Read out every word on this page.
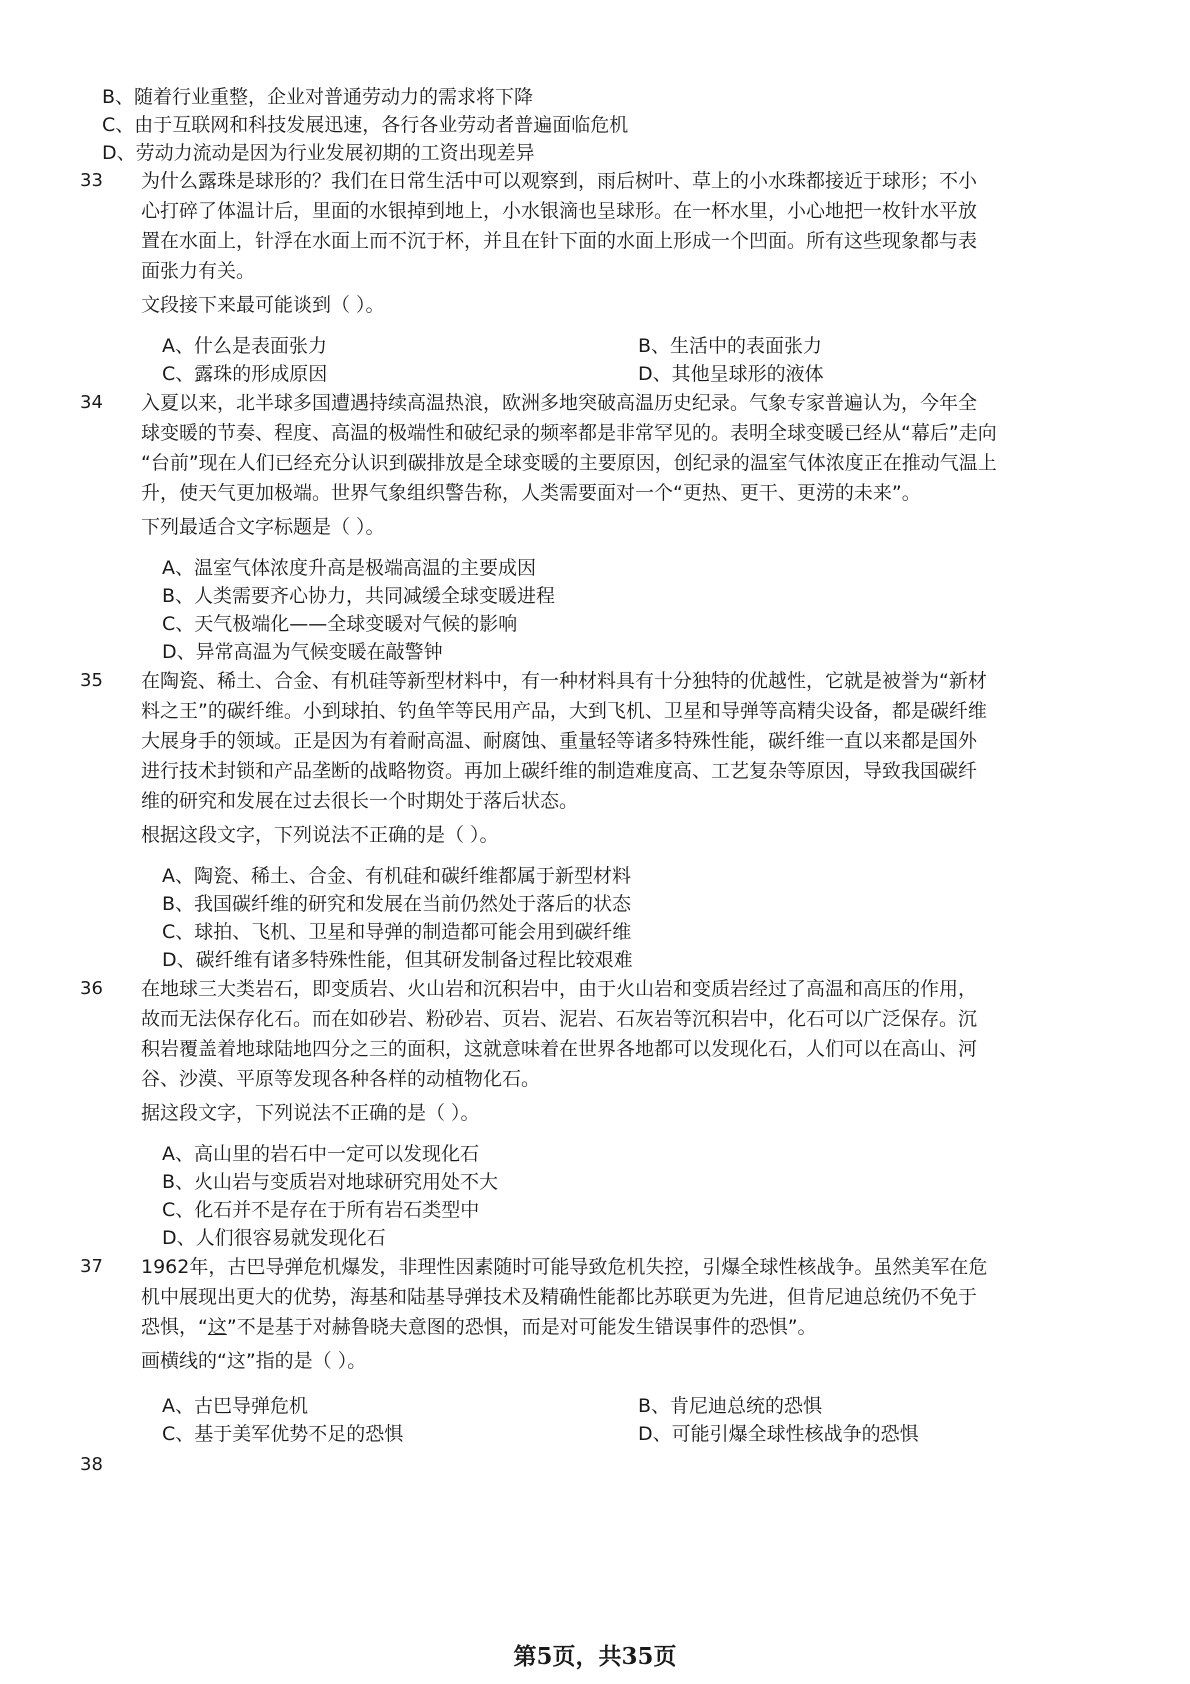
B、随着行业重整，企业对普通劳动力的需求将下降
C、由于互联网和科技发展迅速，各行各业劳动者普遍面临危机
D、劳动力流动是因为行业发展初期的工资出现差异
33 为什么露珠是球形的？我们在日常生活中可以观察到，雨后树叶、草上的小水珠都接近于球形；不小
心打碎了体温计后，里面的水银掉到地上，小水银滴也呈球形。在一杯水里，小心地把一枚针水平放
置在水面上，针浮在水面上而不沉于杯，并且在针下面的水面上形成一个凹面。所有这些现象都与表
面张力有关。
文段接下来最可能谈到（ ）。
A、什么是表面张力	B、生活中的表面张力
C、露珠的形成原因	D、其他呈球形的液体
34 入夏以来，北半球多国遭遇持续高温热浪，欧洲多地突破高温历史纪录。气象专家普遍认为，今年全
球变暖的节奏、程度、高温的极端性和破纪录的频率都是非常罕见的。表明全球变暖已经从“幕后”走向
“台前”现在人们已经充分认识到碳排放是全球变暖的主要原因，创纪录的温室气体浓度正在推动气温上
升，使天气更加极端。世界气象组织警告称，人类需要面对一个“更热、更干、更涝的未来”。
下列最适合文字标题是（ ）。
A、温室气体浓度升高是极端高温的主要成因
B、人类需要齐心协力，共同减缓全球变暖进程
C、天气极端化——全球变暖对气候的影响
D、异常高温为气候变暖在敲警钟
35 在陶瓷、稀土、合金、有机硅等新型材料中，有一种材料具有十分独特的优越性，它就是被誉为“新材
料之王”的碳纤维。小到球拍、钓鱼竿等民用产品，大到飞机、卫星和导弹等高精尖设备，都是碳纤维
大展身手的领域。正是因为有着耐高温、耐腐蚀、重量轻等诸多特殊性能，碳纤维一直以来都是国外
进行技术封锁和产品垄断的战略物资。再加上碳纤维的制造难度高、工艺复杂等原因，导致我国碳纤
维的研究和发展在过去很长一个时期处于落后状态。
根据这段文字，下列说法不正确的是（ ）。
A、陶瓷、稀土、合金、有机硅和碳纤维都属于新型材料
B、我国碳纤维的研究和发展在当前仍然处于落后的状态
C、球拍、飞机、卫星和导弹的制造都可能会用到碳纤维
D、碳纤维有诸多特殊性能，但其研发制备过程比较艰难
36 在地球三大类岩石，即变质岩、火山岩和沉积岩中，由于火山岩和变质岩经过了高温和高压的作用，
故而无法保存化石。而在如砂岩、粉砂岩、页岩、泥岩、石灰岩等沉积岩中，化石可以广泛保存。沉
积岩覆盖着地球陆地四分之三的面积，这就意味着在世界各地都可以发现化石，人们可以在高山、河
谷、沙漠、平原等发现各种各样的动植物化石。
据这段文字，下列说法不正确的是（ ）。
A、高山里的岩石中一定可以发现化石
B、火山岩与变质岩对地球研究用处不大
C、化石并不是存在于所有岩石类型中
D、人们很容易就发现化石
37 1962年，古巴导弹危机爆发，非理性因素随时可能导致危机失控，引爆全球性核战争。虽然美军在危
机中展现出更大的优势，海基和陆基导弹技术及精确性能都比苏联更为先进，但肯尼迪总统仍不免于
恐惧，“这”不是基于对赫鲁晓夫意图的恐惧，而是对可能发生错误事件的恐惧”。
画横线的“这”指的是（ ）。
A、古巴导弹危机	B、肯尼迪总统的恐惧
C、基于美军优势不足的恐惧	D、可能引爆全球性核战争的恐惧
38
第5页，共35页
